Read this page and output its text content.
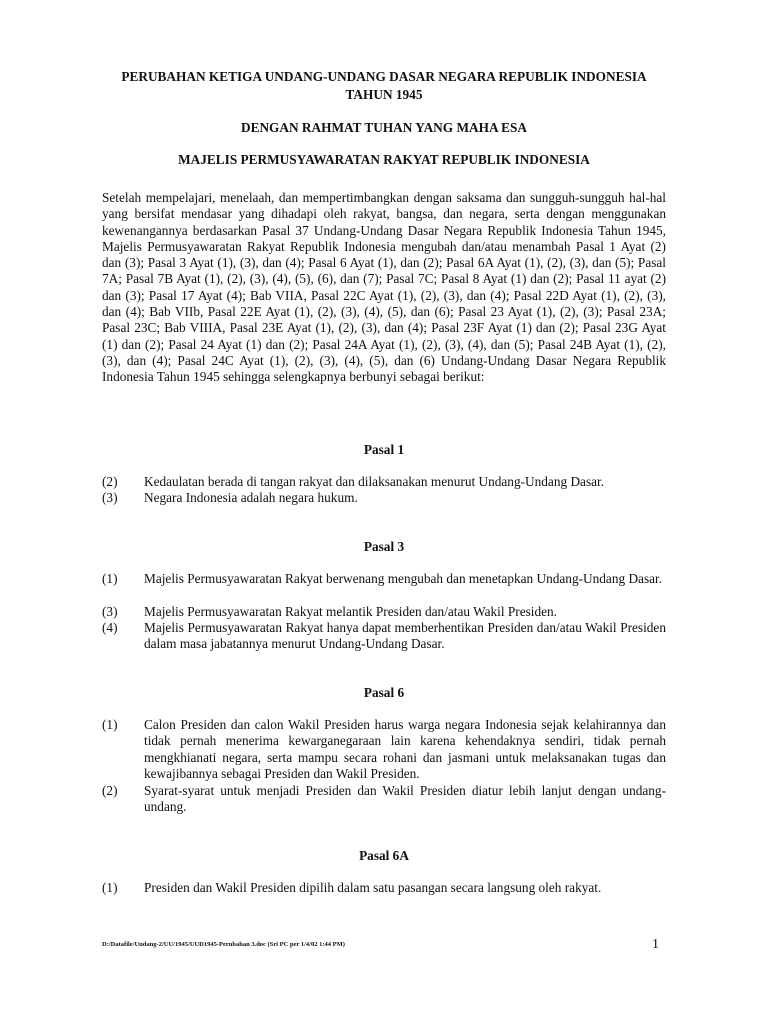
PERUBAHAN KETIGA UNDANG-UNDANG DASAR NEGARA REPUBLIK INDONESIA
TAHUN 1945
DENGAN RAHMAT TUHAN YANG MAHA ESA
MAJELIS PERMUSYAWARATAN RAKYAT REPUBLIK INDONESIA

Setelah mempelajari, menelaah, dan mempertimbangkan dengan saksama dan sungguh-sungguh hal-hal yang bersifat mendasar yang dihadapi oleh rakyat, bangsa, dan negara, serta dengan menggunakan kewenangannya berdasarkan Pasal 37 Undang-Undang Dasar Negara Republik Indonesia Tahun 1945, Majelis Permusyawaratan Rakyat Republik Indonesia mengubah dan/atau menambah Pasal 1 Ayat (2) dan (3); Pasal 3 Ayat (1), (3), dan (4); Pasal 6 Ayat (1), dan (2); Pasal 6A Ayat (1), (2), (3), dan (5); Pasal 7A; Pasal 7B Ayat (1), (2), (3), (4), (5), (6), dan (7); Pasal 7C; Pasal 8 Ayat (1) dan (2); Pasal 11 ayat (2) dan (3); Pasal 17 Ayat (4); Bab VIIA, Pasal 22C Ayat (1), (2), (3), dan (4); Pasal 22D Ayat (1), (2), (3), dan (4); Bab VIIb, Pasal 22E Ayat (1), (2), (3), (4), (5), dan (6); Pasal 23 Ayat (1), (2), (3); Pasal 23A; Pasal 23C; Bab VIIIA, Pasal 23E Ayat (1), (2), (3), dan (4); Pasal 23F Ayat (1) dan (2); Pasal 23G Ayat (1) dan (2); Pasal 24 Ayat (1) dan (2); Pasal 24A Ayat (1), (2), (3), (4), dan (5); Pasal 24B Ayat (1), (2), (3), dan (4); Pasal 24C Ayat (1), (2), (3), (4), (5), dan (6) Undang-Undang Dasar Negara Republik Indonesia Tahun 1945 sehingga selengkapnya berbunyi sebagai berikut:

Pasal 1
(2)	Kedaulatan berada di tangan rakyat dan dilaksanakan menurut Undang-Undang Dasar.
(3)	Negara Indonesia adalah negara hukum.
Pasal 3
(1)	Majelis Permusyawaratan Rakyat berwenang mengubah dan menetapkan Undang-Undang Dasar.
(3)	Majelis Permusyawaratan Rakyat melantik Presiden dan/atau Wakil Presiden.
(4)	Majelis Permusyawaratan Rakyat hanya dapat memberhentikan Presiden dan/atau Wakil Presiden dalam masa jabatannya menurut Undang-Undang Dasar.
Pasal 6
(1)	Calon Presiden dan calon Wakil Presiden harus warga negara Indonesia sejak kelahirannya dan tidak pernah menerima kewarganegaraan lain karena kehendaknya sendiri, tidak pernah mengkhianati negara, serta mampu secara rohani dan jasmani untuk melaksanakan tugas dan kewajibannya sebagai Presiden dan Wakil Presiden.
(2)	Syarat-syarat untuk menjadi Presiden dan Wakil Presiden diatur lebih lanjut dengan undang-undang.
Pasal 6A
(1)	Presiden dan Wakil Presiden dipilih dalam satu pasangan secara langsung oleh rakyat.
D:/Datafile/Undang-2/UU/1945/UUD1945-Perubahan 3.doc (Sri PC per 1/4/02 1:44 PM)	1
